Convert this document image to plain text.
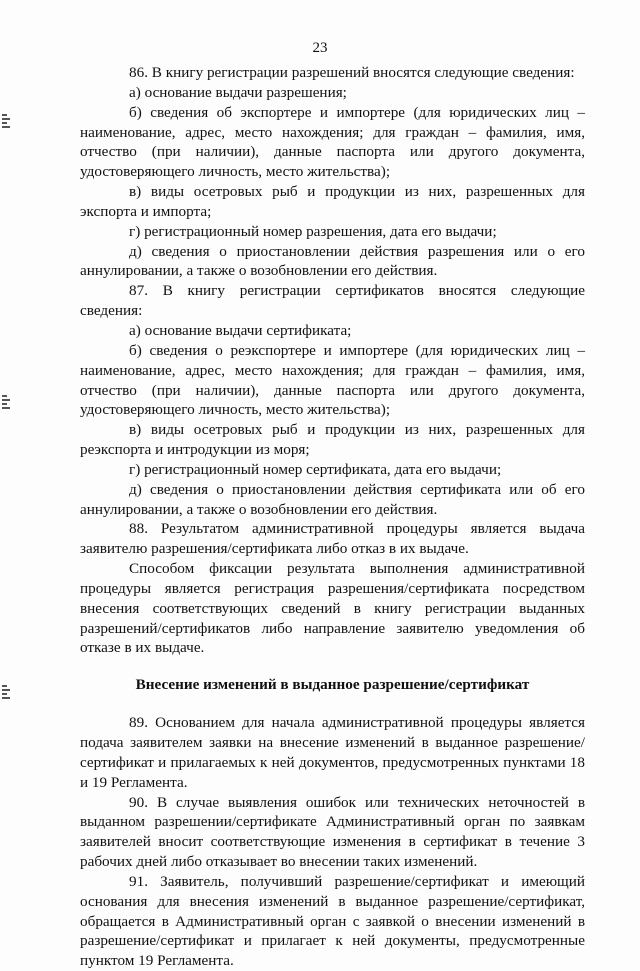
23

86. В книгу регистрации разрешений вносятся следующие сведения:

а) основание выдачи разрешения;

б) сведения об экспортере и импортере (для юридических лиц – наименование, адрес, место нахождения; для граждан – фамилия, имя, отчество (при наличии), данные паспорта или другого документа, удостоверяющего личность, место жительства);

в) виды осетровых рыб и продукции из них, разрешенных для экспорта и импорта;

г) регистрационный номер разрешения, дата его выдачи;

д) сведения о приостановлении действия разрешения или о его аннулировании, а также о возобновлении его действия.

87. В книгу регистрации сертификатов вносятся следующие сведения:

а) основание выдачи сертификата;

б) сведения о реэкспортере и импортере (для юридических лиц – наименование, адрес, место нахождения; для граждан – фамилия, имя, отчество (при наличии), данные паспорта или другого документа, удостоверяющего личность, место жительства);

в) виды осетровых рыб и продукции из них, разрешенных для реэкспорта и интродукции из моря;

г) регистрационный номер сертификата, дата его выдачи;

д) сведения о приостановлении действия сертификата или об его аннулировании, а также о возобновлении его действия.

88. Результатом административной процедуры является выдача заявителю разрешения/сертификата либо отказ в их выдаче.

Способом фиксации результата выполнения административной процедуры является регистрация разрешения/сертификата посредством внесения соответствующих сведений в книгу регистрации выданных разрешений/сертификатов либо направление заявителю уведомления об отказе в их выдаче.

Внесение изменений в выданное разрешение/сертификат

89. Основанием для начала административной процедуры является подача заявителем заявки на внесение изменений в выданное разрешение/сертификат и прилагаемых к ней документов, предусмотренных пунктами 18 и 19 Регламента.

90. В случае выявления ошибок или технических неточностей в выданном разрешении/сертификате Административный орган по заявкам заявителей вносит соответствующие изменения в сертификат в течение 3 рабочих дней либо отказывает во внесении таких изменений.

91. Заявитель, получивший разрешение/сертификат и имеющий основания для внесения изменений в выданное разрешение/сертификат, обращается в Административный орган с заявкой о внесении изменений в разрешение/сертификат и прилагает к ней документы, предусмотренные пунктом 19 Регламента.
